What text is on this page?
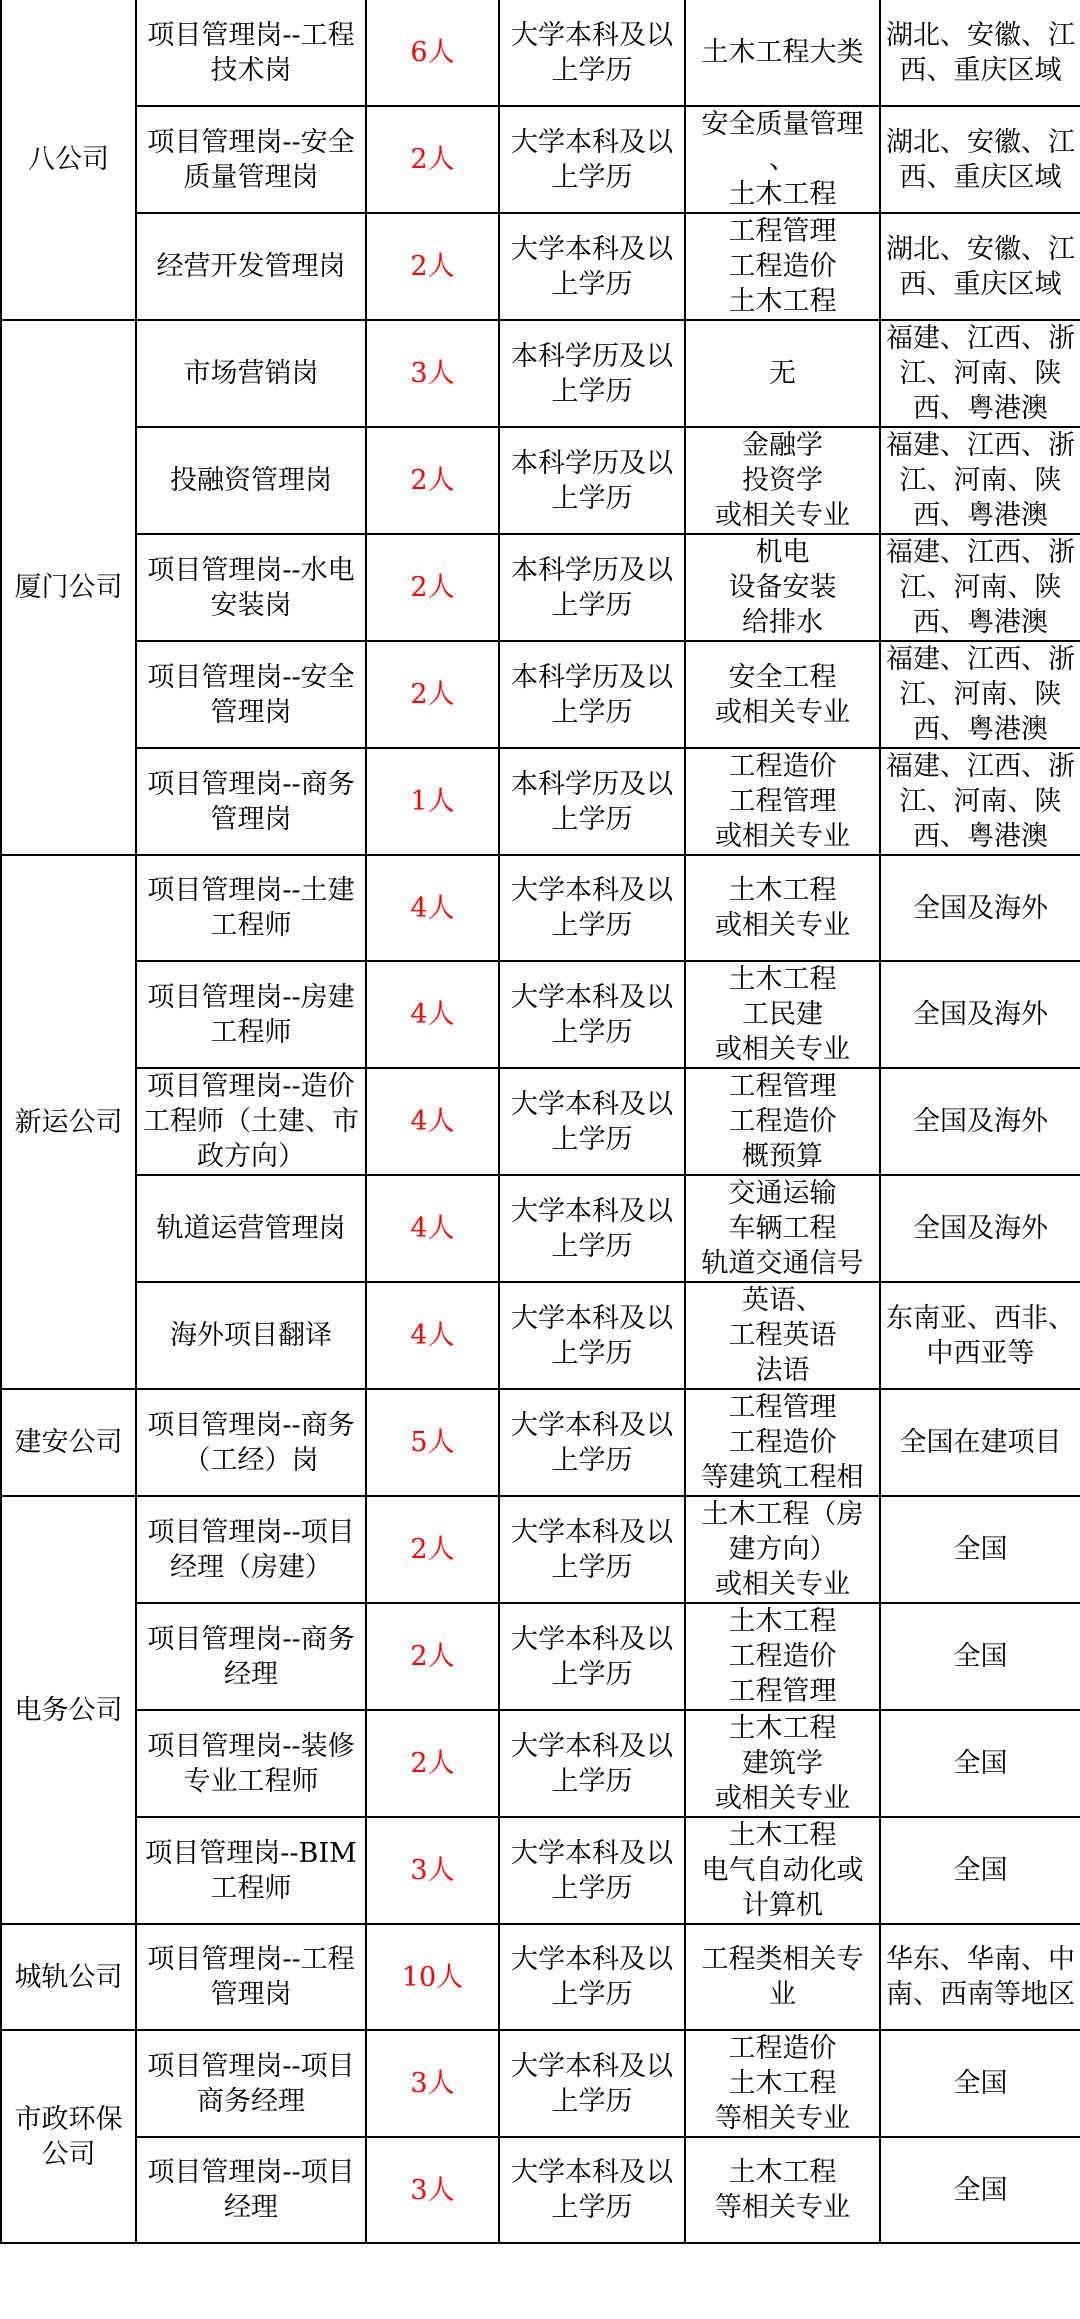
八公司	项目管理岗--工程技术岗	6人	大学本科及以上学历	土木工程大类	湖北、安徽、江西、重庆区域
	项目管理岗--安全质量管理岗	2人	大学本科及以上学历	安全质量管理
、
土木工程	湖北、安徽、江西、重庆区域
	经营开发管理岗	2人	大学本科及以上学历	工程管理
工程造价
土木工程	湖北、安徽、江西、重庆区域
厦门公司	市场营销岗	3人	本科学历及以上学历	无	福建、江西、浙江、河南、陕西、粤港澳
	投融资管理岗	2人	本科学历及以上学历	金融学
投资学
或相关专业	福建、江西、浙江、河南、陕西、粤港澳
	项目管理岗--水电安装岗	2人	本科学历及以上学历	机电
设备安装
给排水	福建、江西、浙江、河南、陕西、粤港澳
	项目管理岗--安全管理岗	2人	本科学历及以上学历	安全工程
或相关专业	福建、江西、浙江、河南、陕西、粤港澳
	项目管理岗--商务管理岗	1人	本科学历及以上学历	工程造价
工程管理
或相关专业	福建、江西、浙江、河南、陕西、粤港澳
新运公司	项目管理岗--土建工程师	4人	大学本科及以上学历	土木工程
或相关专业	全国及海外
	项目管理岗--房建工程师	4人	大学本科及以上学历	土木工程
工民建
或相关专业	全国及海外
	项目管理岗--造价工程师（土建、市政方向）	4人	大学本科及以上学历	工程管理
工程造价
概预算	全国及海外
	轨道运营管理岗	4人	大学本科及以上学历	交通运输
车辆工程
轨道交通信号	全国及海外
	海外项目翻译	4人	大学本科及以上学历	英语、
工程英语
法语	东南亚、西非、中西亚等
建安公司	项目管理岗--商务（工经）岗	5人	大学本科及以上学历	工程管理
工程造价
等建筑工程相	全国在建项目
电务公司	项目管理岗--项目经理（房建）	2人	大学本科及以上学历	土木工程（房建方向）
或相关专业	全国
	项目管理岗--商务经理	2人	大学本科及以上学历	土木工程
工程造价
工程管理	全国
	项目管理岗--装修专业工程师	2人	大学本科及以上学历	土木工程
建筑学
或相关专业	全国
	项目管理岗--BIM工程师	3人	大学本科及以上学历	土木工程
电气自动化或
计算机	全国
城轨公司	项目管理岗--工程管理岗	10人	大学本科及以上学历	工程类相关专业	华东、华南、中南、西南等地区
市政环保公司	项目管理岗--项目商务经理	3人	大学本科及以上学历	工程造价
土木工程
等相关专业	全国
	项目管理岗--项目经理	3人	大学本科及以上学历	土木工程
等相关专业	全国
